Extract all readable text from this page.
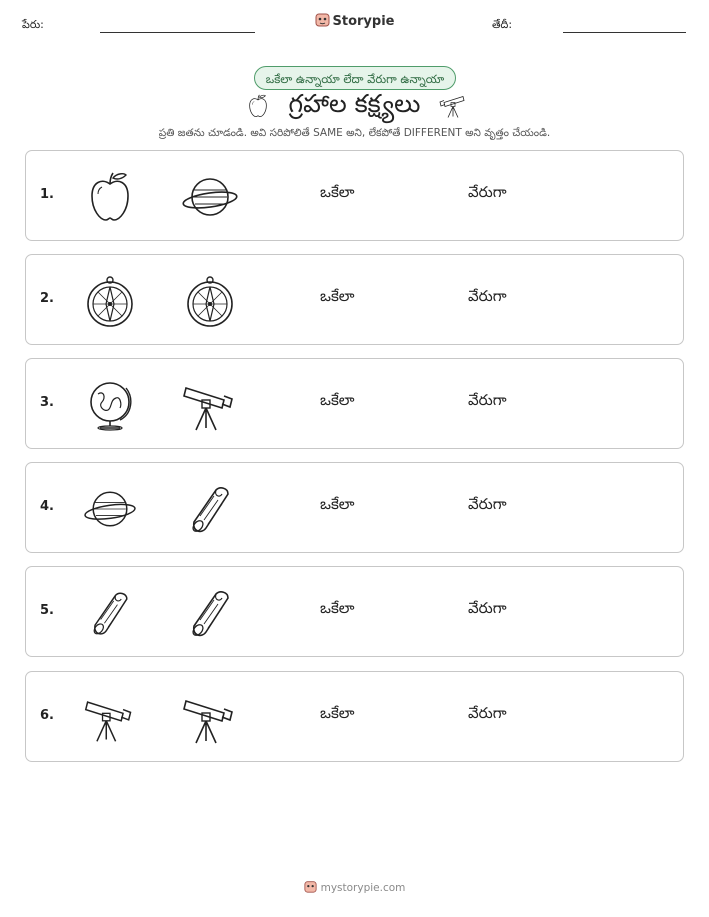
పేరు:	Storypie	తేదీ:
ఒకేలా ఉన్నాయా లేదా వేరుగా ఉన్నాయా
గ్రహాల కక్ష్యలు
ప్రతి జతను చూడండి. అవి సరిపోలితే SAME అని, లేకపోతే DIFFERENT అని వృత్తం చేయండి.
1.	ఒకేలా	వేరుగా
2.	ఒకేలా	వేరుగా
3.	ఒకేలా	వేరుగా
4.	ఒకేలా	వేరుగా
5.	ఒకేలా	వేరుగా
6.	ఒకేలా	వేరుగా
mystorypie.com
